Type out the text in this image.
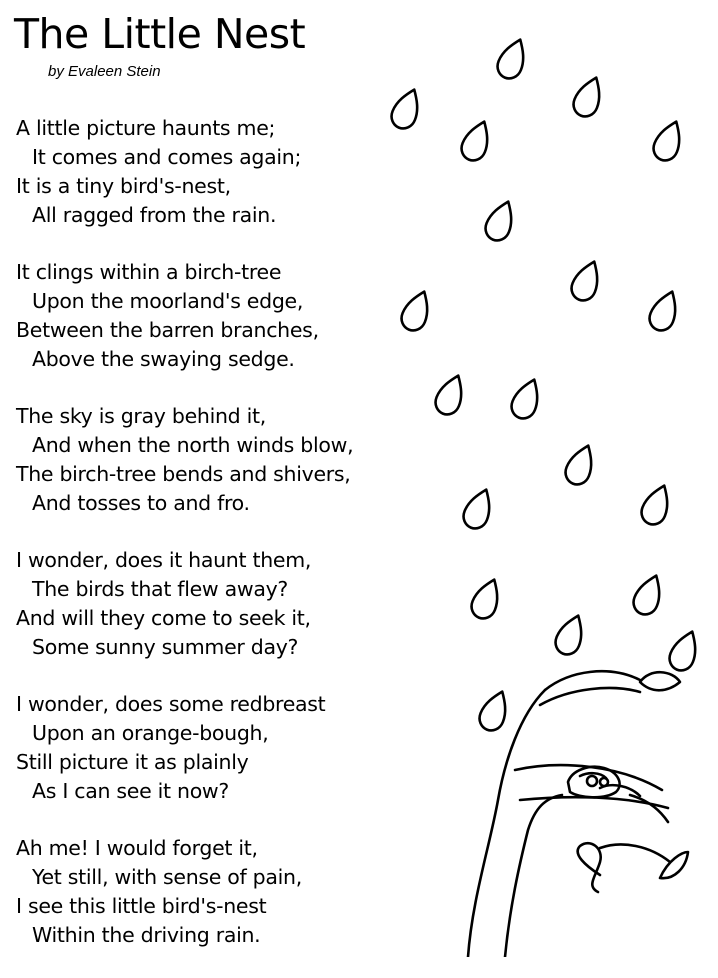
The Little Nest
by Evaleen Stein
A little picture haunts me;
It comes and comes again;
It is a tiny bird's-nest,
All ragged from the rain.
It clings within a birch-tree
Upon the moorland's edge,
Between the barren branches,
Above the swaying sedge.
The sky is gray behind it,
And when the north winds blow,
The birch-tree bends and shivers,
And tosses to and fro.
I wonder, does it haunt them,
The birds that flew away?
And will they come to seek it,
Some sunny summer day?
I wonder, does some redbreast
Upon an orange-bough,
Still picture it as plainly
As I can see it now?
Ah me! I would forget it,
Yet still, with sense of pain,
I see this little bird's-nest
Within the driving rain.
